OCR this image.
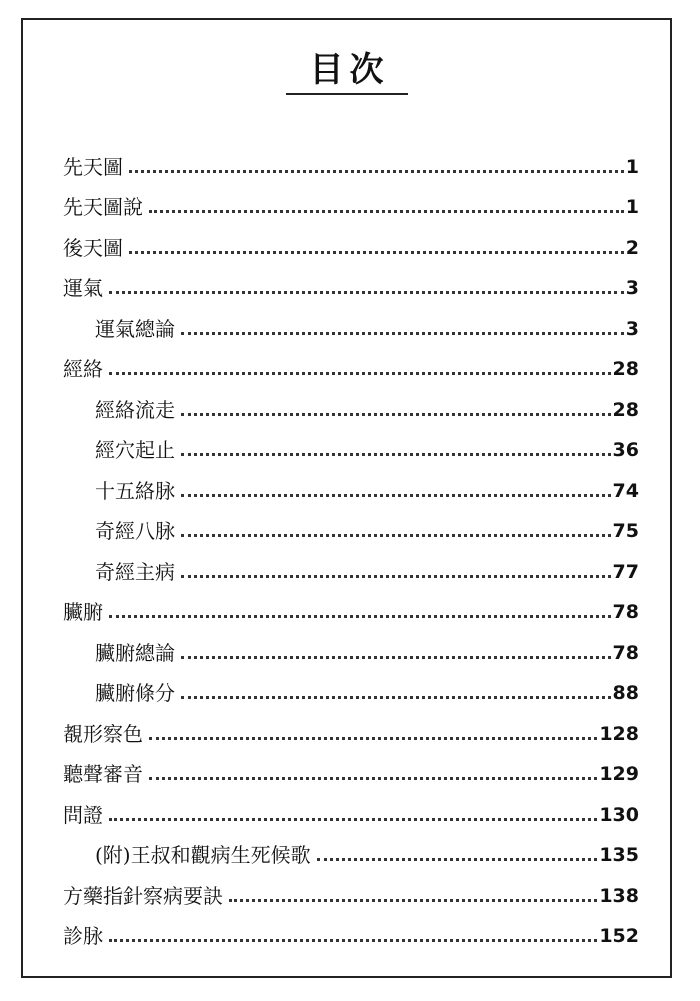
目次
先天圖	1
先天圖說	1
後天圖	2
運氣	3
運氣總論	3
經絡	28
經絡流走	28
經穴起止	36
十五絡脉	74
奇經八脉	75
奇經主病	77
臟腑	78
臟腑總論	78
臟腑條分	88
覩形察色	128
聽聲審音	129
問證	130
(附)王叔和觀病生死候歌	135
方藥指針察病要訣	138
診脉	152
